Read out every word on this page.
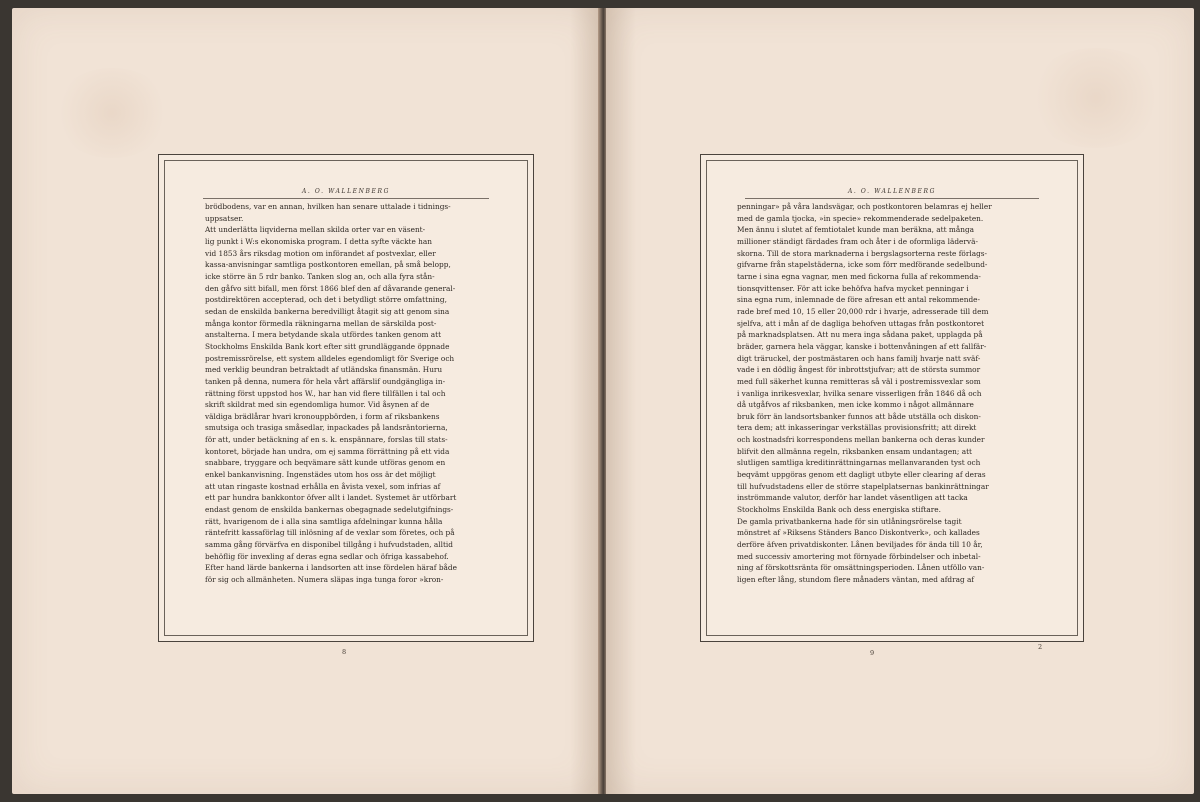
A. O. WALLENBERG
brödbodens, var en annan, hvilken han senare uttalade i tidnings-
uppsatser.
Att underlätta liqviderna mellan skilda orter var en väsent-
lig punkt i W:s ekonomiska program. I detta syfte väckte han
vid 1853 års riksdag motion om införandet af postvexlar, eller
kassa-anvisningar samtliga postkontoren emellan, på små belopp,
icke större än 5 rdr banko. Tanken slog an, och alla fyra stån-
den gåfvo sitt bifall, men först 1866 blef den af dåvarande general-
postdirektören accepterad, och det i betydligt större omfattning,
sedan de enskilda bankerna beredvilligt åtagit sig att genom sina
många kontor förmedla räkningarna mellan de särskilda post-
anstalterna. I mera betydande skala utfördes tanken genom att
Stockholms Enskilda Bank kort efter sitt grundläggande öppnade
postremissrörelse, ett system alldeles egendomligt för Sverige och
med verklig beundran betraktadt af utländska finansmän. Huru
tanken på denna, numera för hela vårt affärslif oundgängliga in-
rättning först uppstod hos W., har han vid flere tillfällen i tal och
skrift skildrat med sin egendomliga humor. Vid åsynen af de
väldiga brädlårar hvari kronouppbörden, i form af riksbankens
smutsiga och trasiga småsedlar, inpackades på landsräntorierna,
för att, under betäckning af en s. k. enspännare, forslas till stats-
kontoret, började han undra, om ej samma förrättning på ett vida
snabbare, tryggare och beqvämare sätt kunde utföras genom en
enkel bankanvisning. Ingenstädes utom hos oss är det möjligt
att utan ringaste kostnad erhålla en åvista vexel, som infrias af
ett par hundra bankkontor öfver allt i landet. Systemet är utförbart
endast genom de enskilda bankernas obegagnade sedelutgifnings-
rätt, hvarigenom de i alla sina samtliga afdelningar kunna hålla
räntefritt kassaförlag till inlösning af de vexlar som företes, och på
samma gång förvärfva en disponibel tillgång i hufvudstaden, alltid
behöflig för invexling af deras egna sedlar och öfriga kassabehof.
Efter hand lärde bankerna i landsorten att inse fördelen häraf både
för sig och allmänheten. Numera släpas inga tunga foror »kron-
8
A. O. WALLENBERG
penningar» på våra landsvägar, och postkontoren belamras ej heller
med de gamla tjocka, »in specie» rekommenderade sedelpaketen.
Men ännu i slutet af femtiotalet kunde man beräkna, att många
millioner ständigt färdades fram och åter i de oformliga lädervä-
skorna. Till de stora marknaderna i bergslagsorterna reste förlags-
gifvarne från stapelstäderna, icke som förr medförande sedelbund-
tarne i sina egna vagnar, men med fickorna fulla af rekommenda-
tionsqvittenser. För att icke behöfva hafva mycket penningar i
sina egna rum, inlemnade de före afresan ett antal rekommende-
rade bref med 10, 15 eller 20,000 rdr i hvarje, adresserade till dem
sjelfva, att i mån af de dagliga behofven uttagas från postkontoret
på marknadsplatsen. Att nu mera inga sådana paket, upplagda på
bräder, garnera hela väggar, kanske i bottenvåningen af ett fallfär-
digt träruckel, der postmästaren och hans familj hvarje natt sväf-
vade i en dödlig ångest för inbrottstjufvar; att de största summor
med full säkerhet kunna remitteras så väl i postremissvexlar som
i vanliga inrikesvexlar, hvilka senare visserligen från 1846 då och
då utgåfvos af riksbanken, men icke kommo i något allmännare
bruk förr än landsortsbanker funnos att både utställa och diskon-
tera dem; att inkasseringar verkställas provisionsfritt; att direkt
och kostnadsfri korrespondens mellan bankerna och deras kunder
blifvit den allmänna regeln, riksbanken ensam undantagen; att
slutligen samtliga kreditinrättningarnas mellanvaranden tyst och
beqvämt uppgöras genom ett dagligt utbyte eller clearing af deras
till hufvudstadens eller de större stapelplatsernas bankinrättningar
inströmmande valutor, derför har landet väsentligen att tacka
Stockholms Enskilda Bank och dess energiska stiftare.
De gamla privatbankerna hade för sin utlåningsrörelse tagit
mönstret af »Riksens Ständers Banco Diskontverk», och kallades
derföre äfven privatdiskonter. Lånen beviljades för ända till 10 år,
med successiv amortering mot förnyade förbindelser och inbetal-
ning af förskottsränta för omsättningsperioden. Lånen utföllo van-
ligen efter lång, stundom flere månaders väntan, med afdrag af
9
2
